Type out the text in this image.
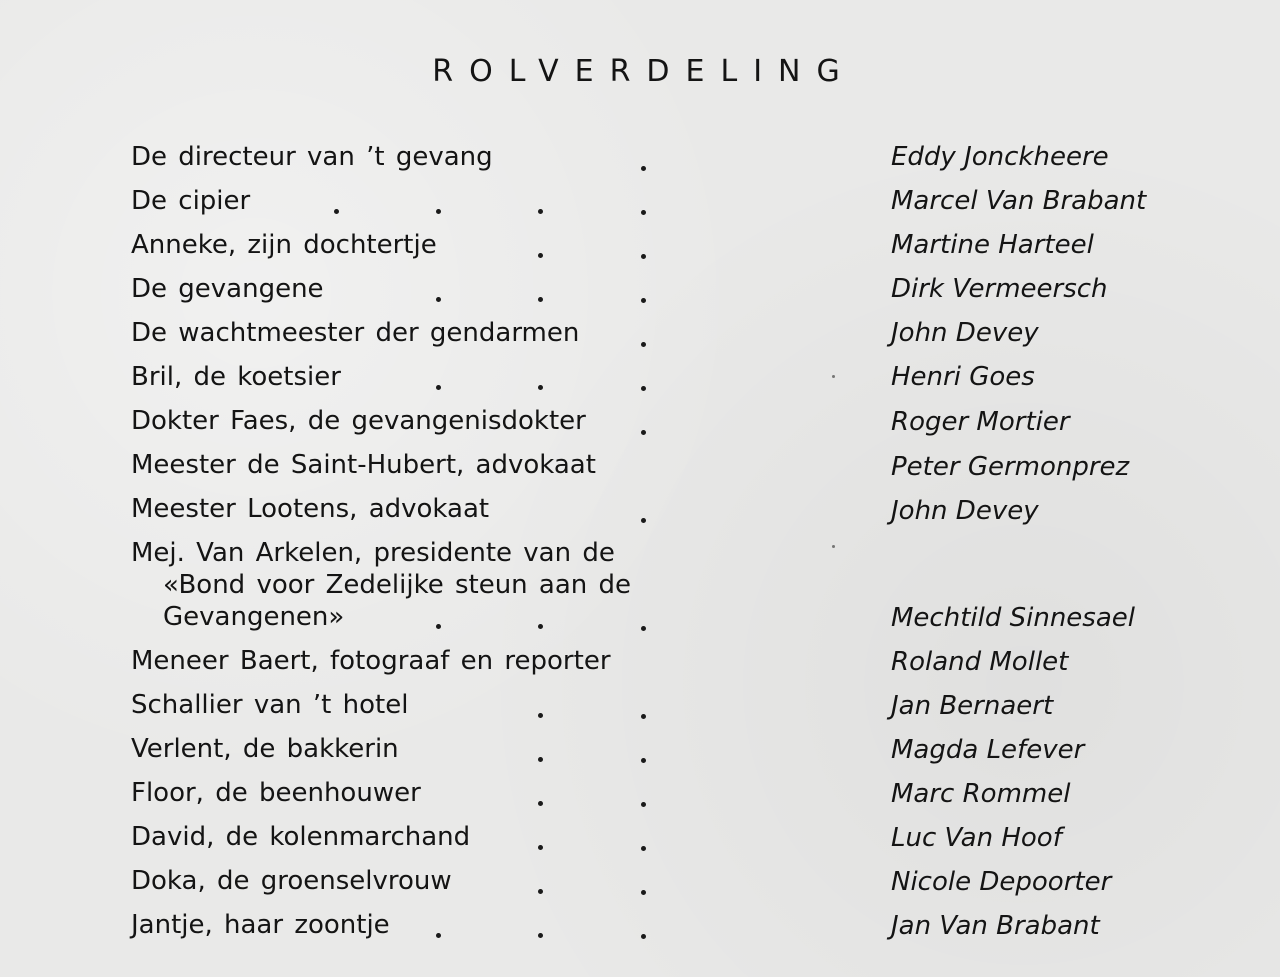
ROLVERDELING
De directeur van ’t gevang	Eddy Jonckheere
De cipier	Marcel Van Brabant
Anneke, zijn dochtertje	Martine Harteel
De gevangene	Dirk Vermeersch
De wachtmeester der gendarmen	John Devey
Bril, de koetsier	Henri Goes
Dokter Faes, de gevangenisdokter	Roger Mortier
Meester de Saint-Hubert, advokaat	Peter Germonprez
Meester Lootens, advokaat	John Devey
Mej. Van Arkelen, presidente van de
«Bond voor Zedelijke steun aan de
Gevangenen»	Mechtild Sinnesael
Meneer Baert, fotograaf en reporter	Roland Mollet
Schallier van ’t hotel	Jan Bernaert
Verlent, de bakkerin	Magda Lefever
Floor, de beenhouwer	Marc Rommel
David, de kolenmarchand	Luc Van Hoof
Doka, de groenselvrouw	Nicole Depoorter
Jantje, haar zoontje	Jan Van Brabant
